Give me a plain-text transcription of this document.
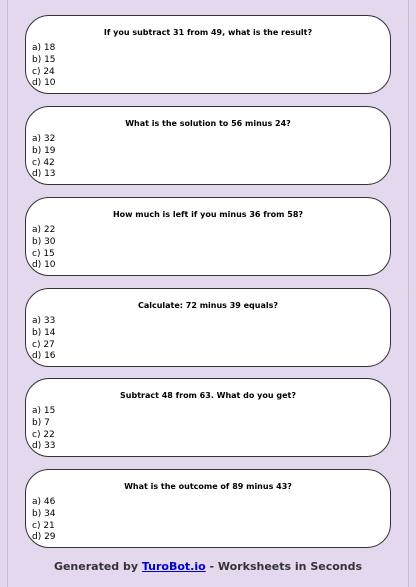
If you subtract 31 from 49, what is the result?
a) 18
b) 15
c) 24
d) 10
What is the solution to 56 minus 24?
a) 32
b) 19
c) 42
d) 13
How much is left if you minus 36 from 58?
a) 22
b) 30
c) 15
d) 10
Calculate: 72 minus 39 equals?
a) 33
b) 14
c) 27
d) 16
Subtract 48 from 63. What do you get?
a) 15
b) 7
c) 22
d) 33
What is the outcome of 89 minus 43?
a) 46
b) 34
c) 21
d) 29
Generated by TuroBot.io - Worksheets in Seconds
